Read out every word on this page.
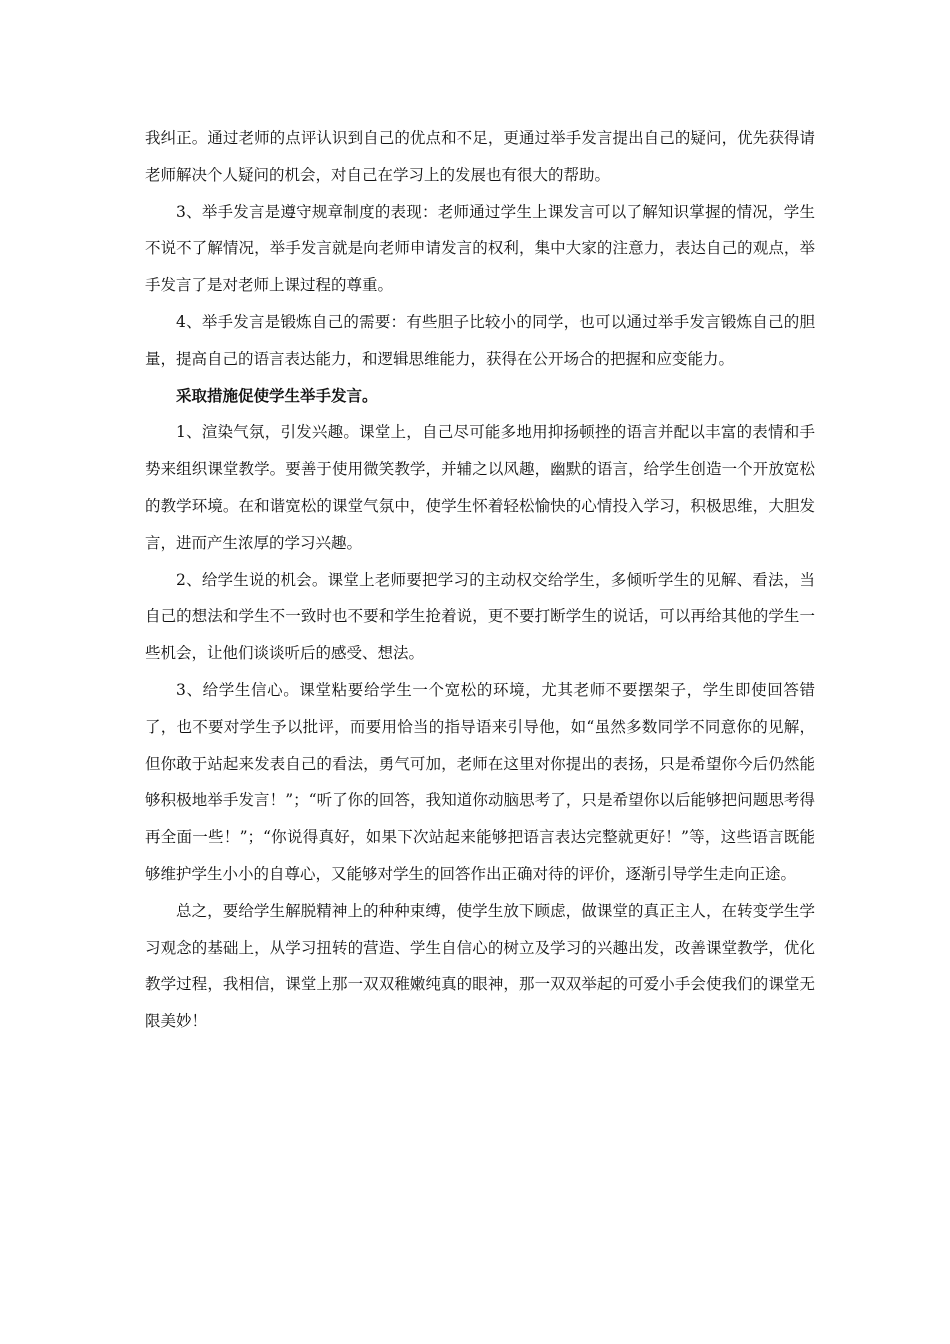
我纠正。通过老师的点评认识到自己的优点和不足，更通过举手发言提出自己的疑问，优先获得请老师解决个人疑问的机会，对自己在学习上的发展也有很大的帮助。

3、举手发言是遵守规章制度的表现：老师通过学生上课发言可以了解知识掌握的情况，学生不说不了解情况，举手发言就是向老师申请发言的权利，集中大家的注意力，表达自己的观点，举手发言了是对老师上课过程的尊重。

4、举手发言是锻炼自己的需要：有些胆子比较小的同学，也可以通过举手发言锻炼自己的胆量，提高自己的语言表达能力，和逻辑思维能力，获得在公开场合的把握和应变能力。

采取措施促使学生举手发言。

1、渲染气氛，引发兴趣。课堂上，自己尽可能多地用抑扬顿挫的语言并配以丰富的表情和手势来组织课堂教学。要善于使用微笑教学，并辅之以风趣，幽默的语言，给学生创造一个开放宽松的教学环境。在和谐宽松的课堂气氛中，使学生怀着轻松愉快的心情投入学习，积极思维，大胆发言，进而产生浓厚的学习兴趣。

2、给学生说的机会。课堂上老师要把学习的主动权交给学生，多倾听学生的见解、看法，当自己的想法和学生不一致时也不要和学生抢着说，更不要打断学生的说话，可以再给其他的学生一些机会，让他们谈谈听后的感受、想法。

3、给学生信心。课堂粘要给学生一个宽松的环境，尤其老师不要摆架子，学生即使回答错了，也不要对学生予以批评，而要用恰当的指导语来引导他，如“虽然多数同学不同意你的见解，但你敢于站起来发表自己的看法，勇气可加，老师在这里对你提出的表扬，只是希望你今后仍然能够积极地举手发言！”；“听了你的回答，我知道你动脑思考了，只是希望你以后能够把问题思考得再全面一些！”；“你说得真好，如果下次站起来能够把语言表达完整就更好！”等，这些语言既能够维护学生小小的自尊心，又能够对学生的回答作出正确对待的评价，逐渐引导学生走向正途。

总之，要给学生解脱精神上的种种束缚，使学生放下顾虑，做课堂的真正主人，在转变学生学习观念的基础上，从学习扭转的营造、学生自信心的树立及学习的兴趣出发，改善课堂教学，优化教学过程，我相信，课堂上那一双双稚嫩纯真的眼神，那一双双举起的可爱小手会使我们的课堂无限美妙！
